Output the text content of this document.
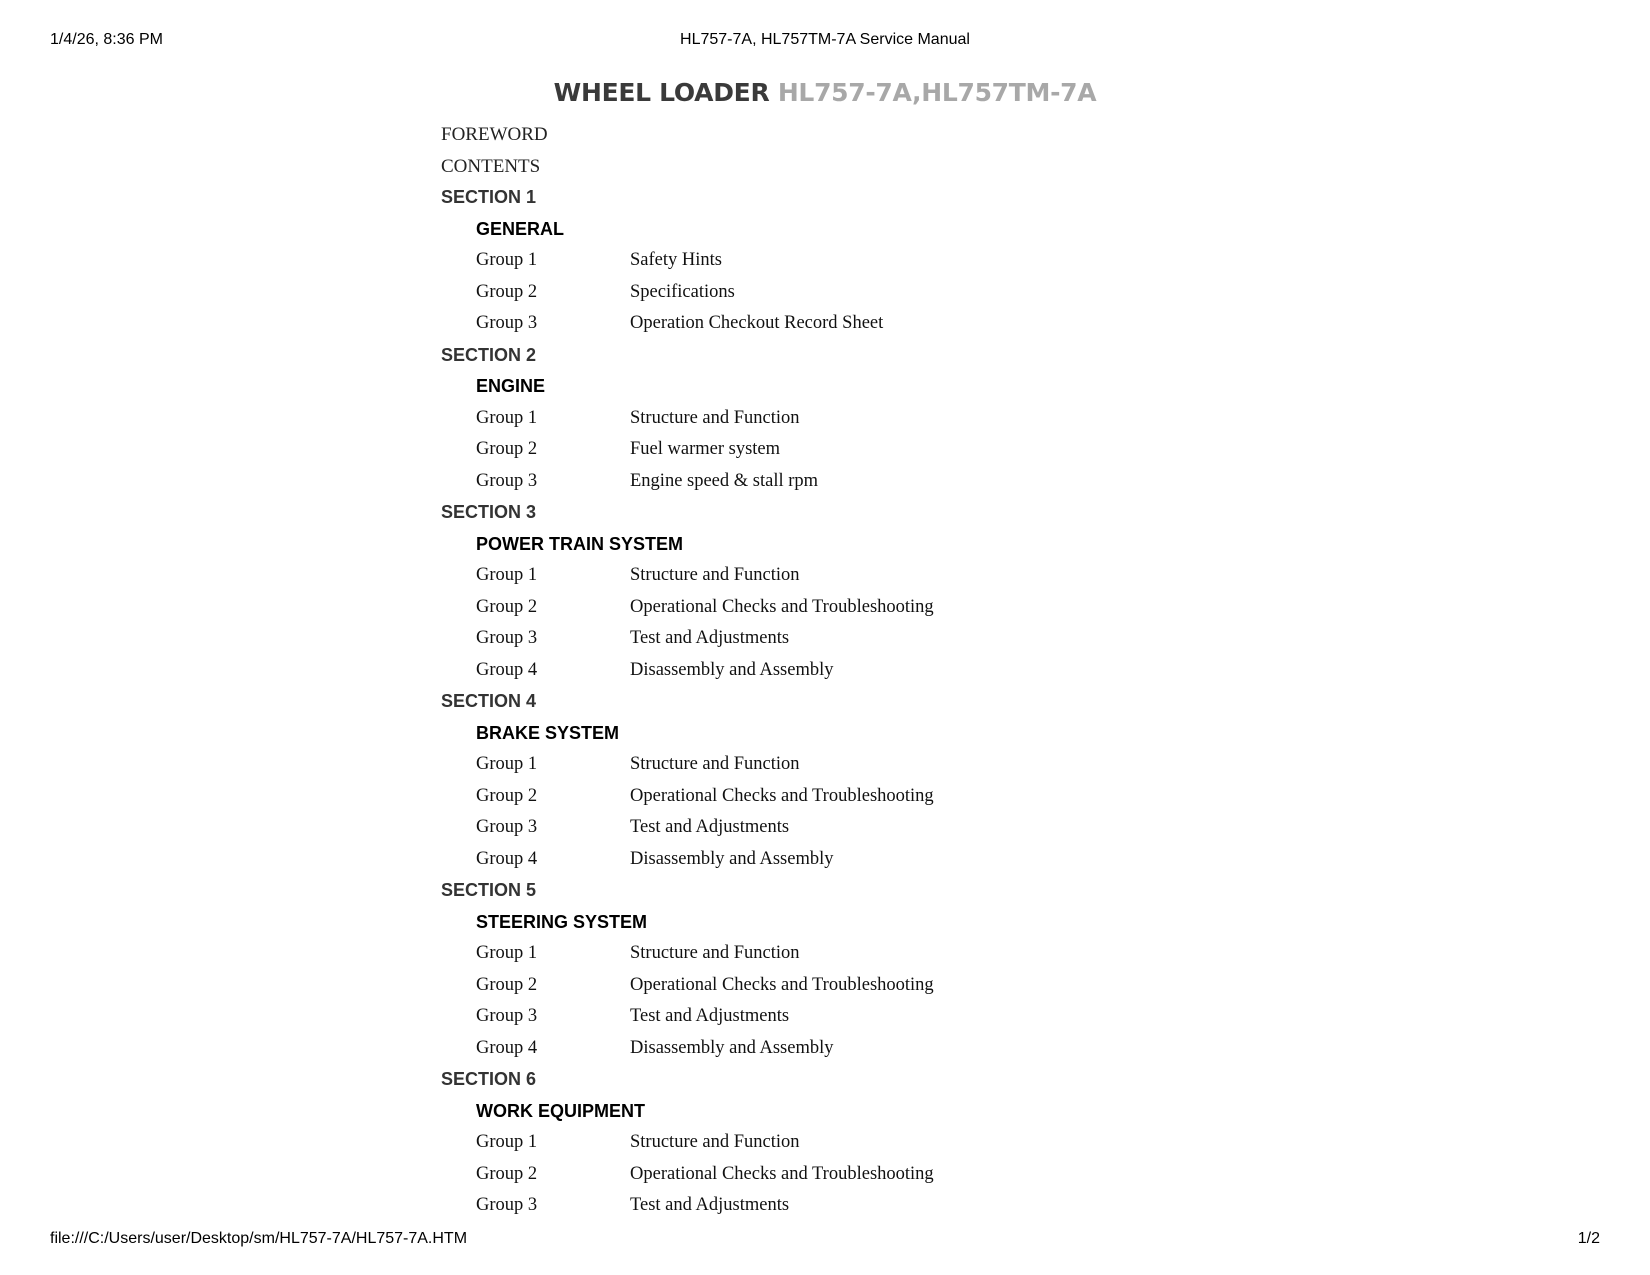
1/4/26, 8:36 PM	HL757-7A, HL757TM-7A Service Manual
WHEEL LOADER HL757-7A,HL757TM-7A
FOREWORD
CONTENTS
SECTION 1
GENERAL
Group 1	Safety Hints
Group 2	Specifications
Group 3	Operation Checkout Record Sheet
SECTION 2
ENGINE
Group 1	Structure and Function
Group 2	Fuel warmer system
Group 3	Engine speed & stall rpm
SECTION 3
POWER TRAIN SYSTEM
Group 1	Structure and Function
Group 2	Operational Checks and Troubleshooting
Group 3	Test and Adjustments
Group 4	Disassembly and Assembly
SECTION 4
BRAKE SYSTEM
Group 1	Structure and Function
Group 2	Operational Checks and Troubleshooting
Group 3	Test and Adjustments
Group 4	Disassembly and Assembly
SECTION 5
STEERING SYSTEM
Group 1	Structure and Function
Group 2	Operational Checks and Troubleshooting
Group 3	Test and Adjustments
Group 4	Disassembly and Assembly
SECTION 6
WORK EQUIPMENT
Group 1	Structure and Function
Group 2	Operational Checks and Troubleshooting
Group 3	Test and Adjustments
file:///C:/Users/user/Desktop/sm/HL757-7A/HL757-7A.HTM	1/2
